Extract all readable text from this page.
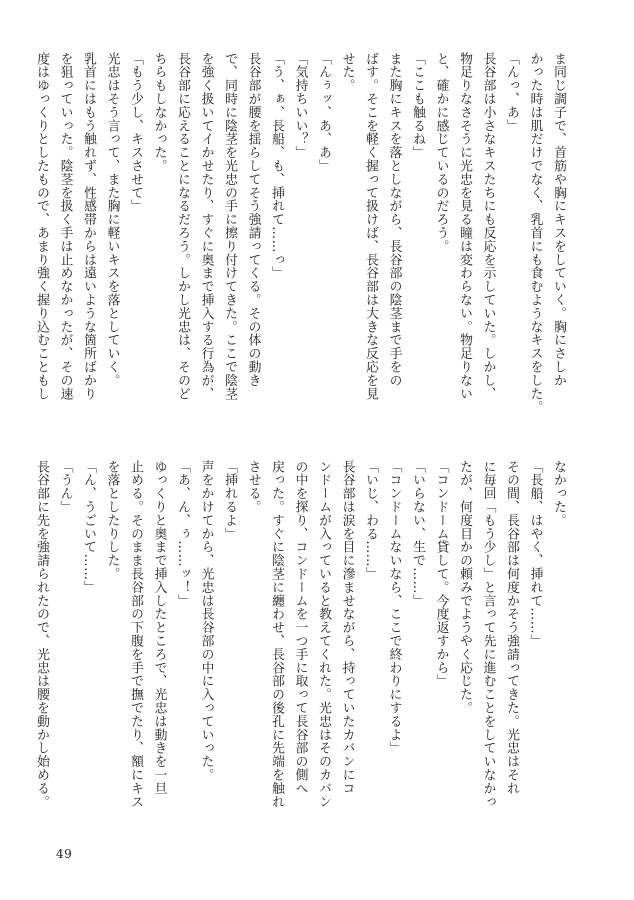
ま同じ調子で、首筋や胸にキスをしていく。胸にさしか
かった時は肌だけでなく、乳首にも食むようなキスをした。
「んっ、あ」
長谷部は小さなキスたちにも反応を示していた。しかし、
物足りなさそうに光忠を見る瞳は変わらない。物足りない
と、確かに感じているのだろう。
「ここも触るね」
また胸にキスを落としながら、長谷部の陰茎まで手をの
ばす。そこを軽く握って扱けば、長谷部は大きな反応を見
せた。
「んぅッ、あ、あ」
「気持ちいい？」
「う、ぁ、長船、も、挿れて……っ」
長谷部が腰を揺らしてそう強請ってくる。その体の動き
で、同時に陰茎を光忠の手に擦り付けてきた。ここで陰茎
を強く扱いてイかせたり、すぐに奥まで挿入する行為が、
長谷部に応えることになるだろう。しかし光忠は、そのど
ちらもしなかった。
「もう少し、キスさせて」
光忠はそう言って、また胸に軽いキスを落としていく。
乳首にはもう触れず、性感帯からは遠いような箇所ばかり
を狙っていった。陰茎を扱く手は止めなかったが、その速
度はゆっくりとしたもので、あまり強く握り込むこともし
なかった。
「長船、はやく、挿れて……」
その間、長谷部は何度かそう強請ってきた。光忠はそれ
に毎回「もう少し」と言って先に進むことをしていなかっ
たが、何度目かの頼みでようやく応じた。
「コンドーム貸して。今度返すから」
「いらない、生で……」
「コンドームないなら、ここで終わりにするよ」
「いじ、わる……」
長谷部は涙を目に滲ませながら、持っていたカバンにコ
ンドームが入っていると教えてくれた。光忠はそのカバン
の中を探り、コンドームを一つ手に取って長谷部の側へ
戻った。すぐに陰茎に纏わせ、長谷部の後孔に先端を触れ
させる。
「挿れるよ」
声をかけてから、光忠は長谷部の中に入っていった。
「あ、ん、ぅ……ッ！」
ゆっくりと奥まで挿入したところで、光忠は動きを一旦
止める。そのまま長谷部の下腹を手で撫でたり、額にキス
を落としたりした。
「ん、うごいて……」
「うん」
長谷部に先を強請られたので、光忠は腰を動かし始める。
49
